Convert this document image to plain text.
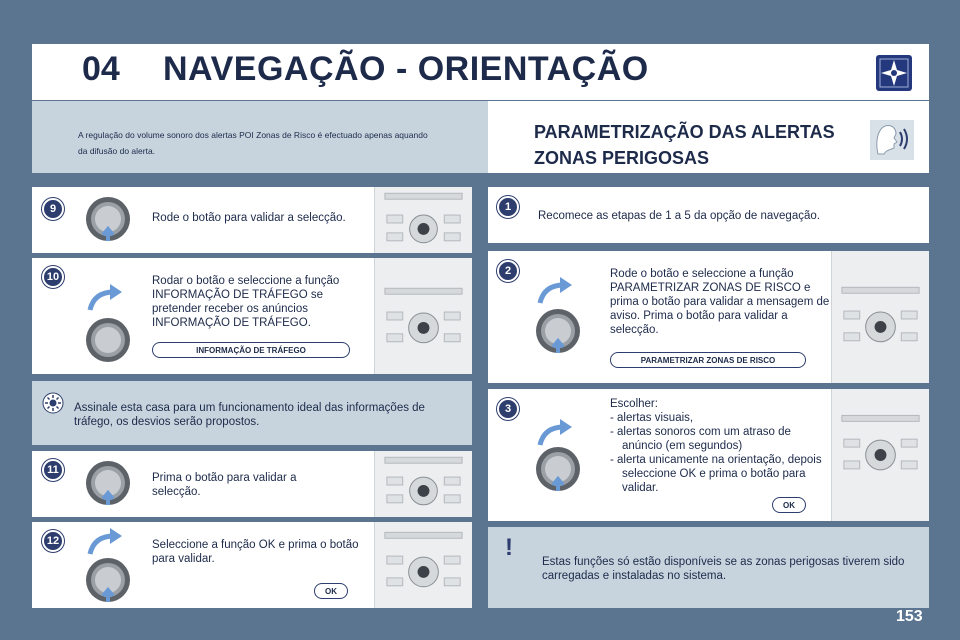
04 NAVEGAÇÃO - ORIENTAÇÃO

A regulação do volume sonoro dos alertas POI Zonas de Risco é efectuado apenas aquando da difusão do alerta.

PARAMETRIZAÇÃO DAS ALERTAS ZONAS PERIGOSAS
Rode o botão para validar a selecção.
9
Rodar o botão e seleccione a função INFORMAÇÃO DE TRÁFEGO se pretender receber os anúncios INFORMAÇÃO DE TRÁFEGO.
INFORMAÇÃO DE TRÁFEGO
10
Assinale esta casa para um funcionamento ideal das informações de tráfego, os desvios serão propostos.
Prima o botão para validar a selecção.
11
Seleccione a função OK e prima o botão para validar.
OK
12
Recomece as etapas de 1 a 5 da opção de navegação.
1
Rode o botão e seleccione a função PARAMETRIZAR ZONAS DE RISCO e prima o botão para validar a mensagem de aviso. Prima o botão para validar a selecção.
PARAMETRIZAR ZONAS DE RISCO
2
Escolher:
- alertas visuais,
- alertas sonoros com um atraso de anúncio (em segundos)
- alerta unicamente na orientação, depois seleccione OK e prima o botão para validar.
OK
3
Estas funções só estão disponíveis se as zonas perigosas tiverem sido carregadas e instaladas no sistema.
!
153
